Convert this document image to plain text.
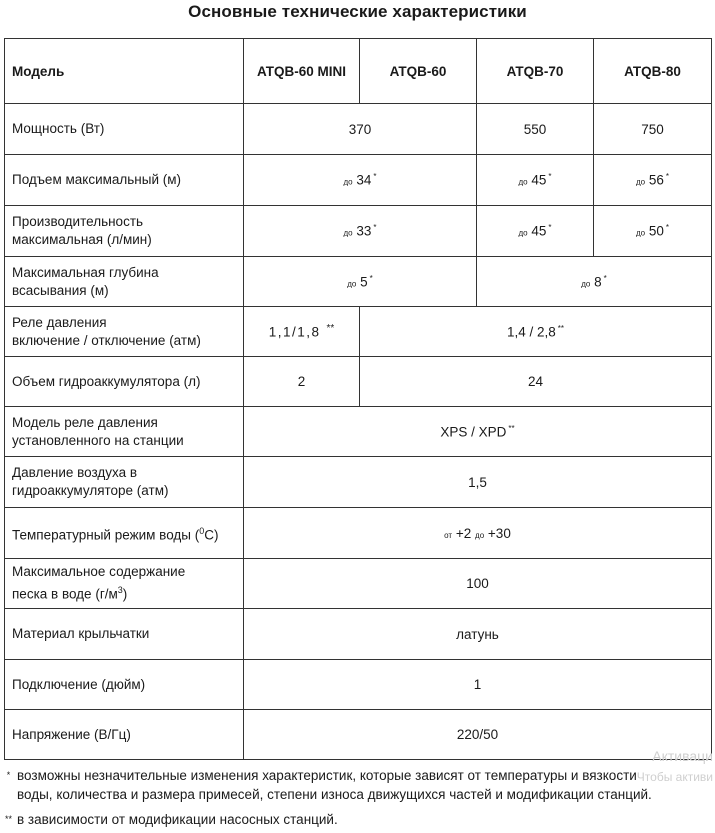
Основные технические характеристики
Модель	ATQB-60 MINI	ATQB-60	ATQB-70	ATQB-80
Мощность (Вт)	370		550	750
Подъем максимальный (м)	до 34 *		до 45 *	до 56 *
Производительность
максимальная (л/мин)	до 33 *		до 45 *	до 50 *
Максимальная глубина
всасывания (м)	до 5 *		до 8 *
Реле давления
включение / отключение (атм)	1,1/1,8 **	1,4 / 2,8 **
Объем гидроаккумулятора (л)	2	24		
Модель реле давления
установленного на станции	XPS / XPD **
Давление воздуха в
гидроаккумуляторе (атм)	1,5			
Температурный режим воды ($^0$С)	от +2 до +30			
Максимальное содержание
песка в воде $(г/м^3)$	100			
Материал крыльчатки	латунь			
Подключение (дюйм)	1			
Напряжение (В/Гц)	220/50			
* возможны незначительные изменения характеристик, которые зависят от температуры и вязкости
воды, количества и размера примесей, степени износа движущихся частей и модификации станций.
** в зависимости от модификации насосных станций.
Активаци
Чтобы активи
